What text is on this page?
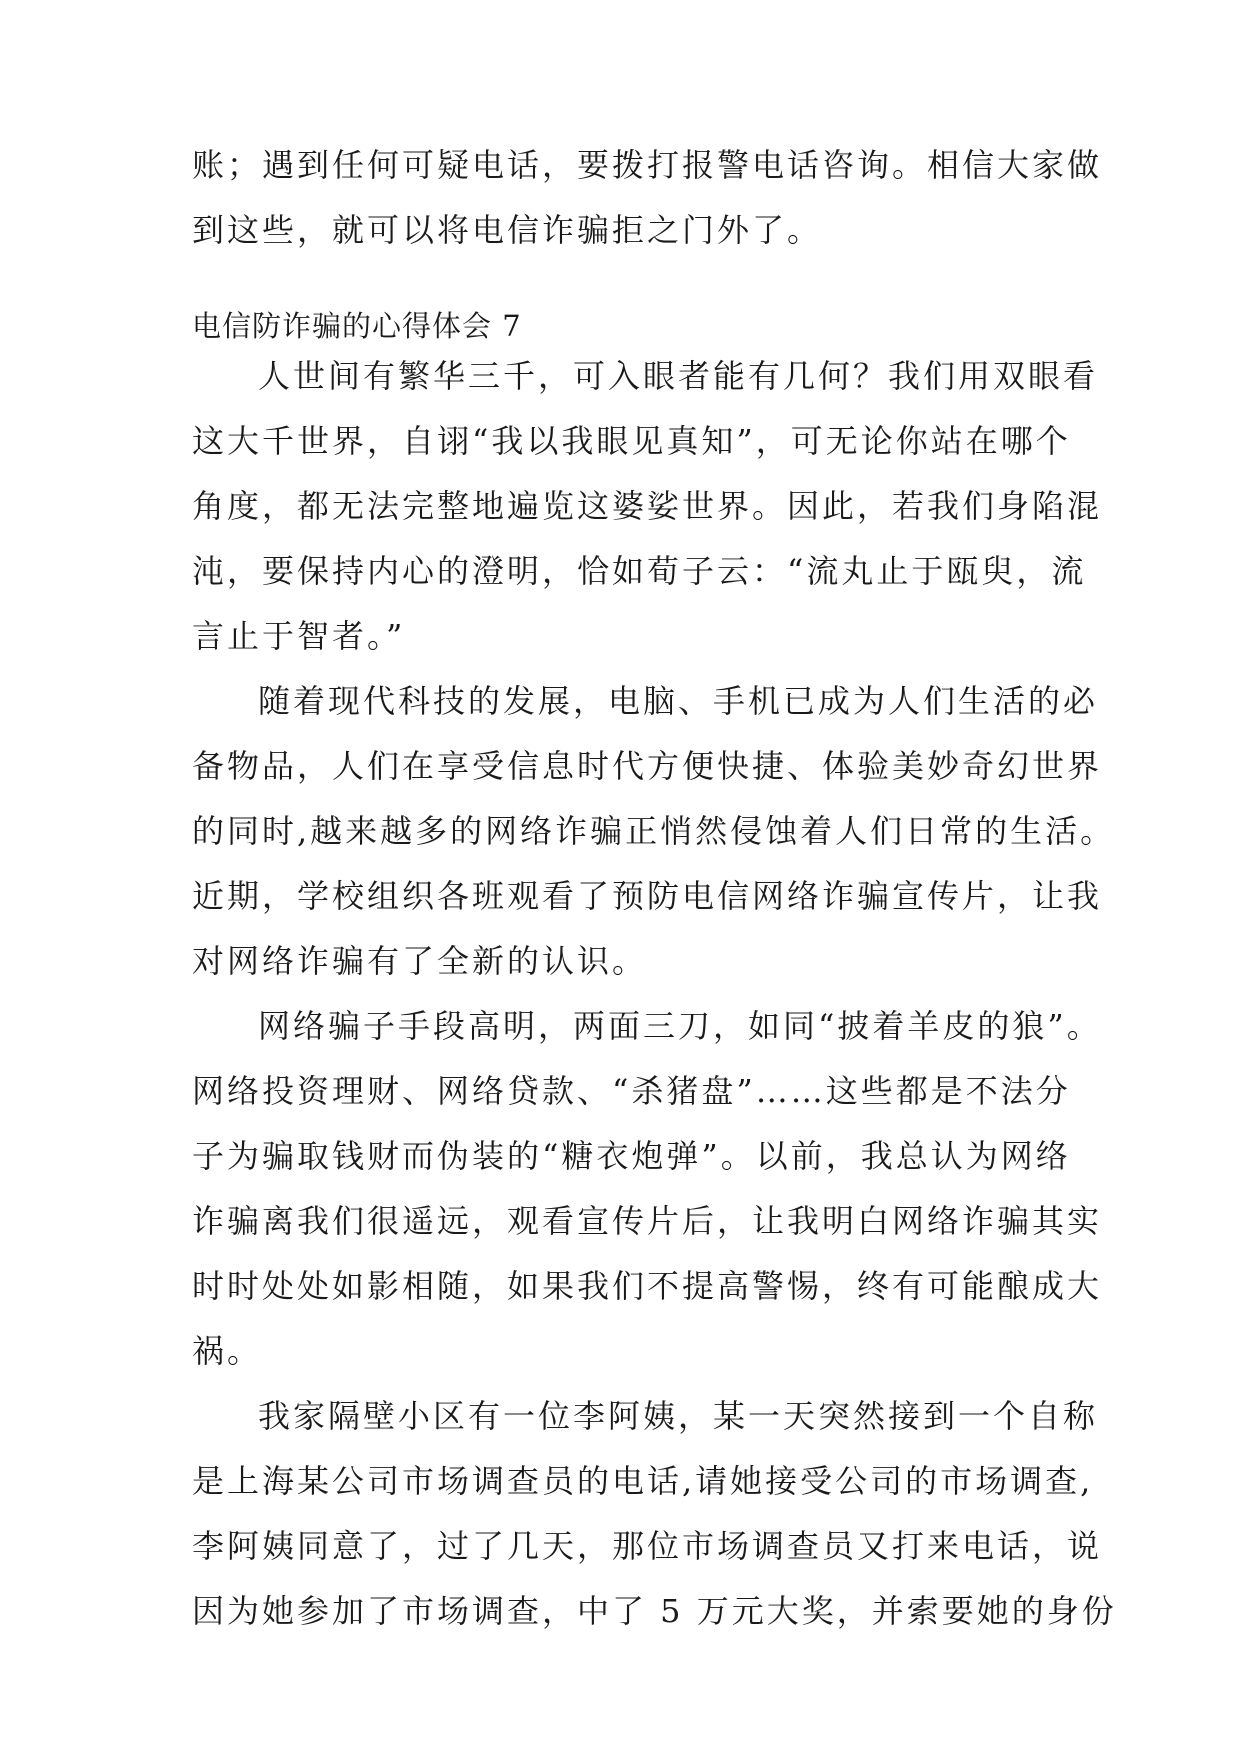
账；遇到任何可疑电话，要拨打报警电话咨询。相信大家做
到这些，就可以将电信诈骗拒之门外了。
电信防诈骗的心得体会 7
人世间有繁华三千，可入眼者能有几何？我们用双眼看
这大千世界，自诩“我以我眼见真知”，可无论你站在哪个
角度，都无法完整地遍览这婆娑世界。因此，若我们身陷混
沌，要保持内心的澄明，恰如荀子云：“流丸止于瓯臾，流
言止于智者。”
随着现代科技的发展，电脑、手机已成为人们生活的必
备物品，人们在享受信息时代方便快捷、体验美妙奇幻世界
的同时,越来越多的网络诈骗正悄然侵蚀着人们日常的生活。
近期，学校组织各班观看了预防电信网络诈骗宣传片，让我
对网络诈骗有了全新的认识。
网络骗子手段高明，两面三刀，如同“披着羊皮的狼”。
网络投资理财、网络贷款、“杀猪盘”……这些都是不法分
子为骗取钱财而伪装的“糖衣炮弹”。以前，我总认为网络
诈骗离我们很遥远，观看宣传片后，让我明白网络诈骗其实
时时处处如影相随，如果我们不提高警惕，终有可能酿成大
祸。
我家隔壁小区有一位李阿姨，某一天突然接到一个自称
是上海某公司市场调查员的电话,请她接受公司的市场调查,
李阿姨同意了，过了几天，那位市场调查员又打来电话，说
因为她参加了市场调查，中了 5 万元大奖，并索要她的身份
